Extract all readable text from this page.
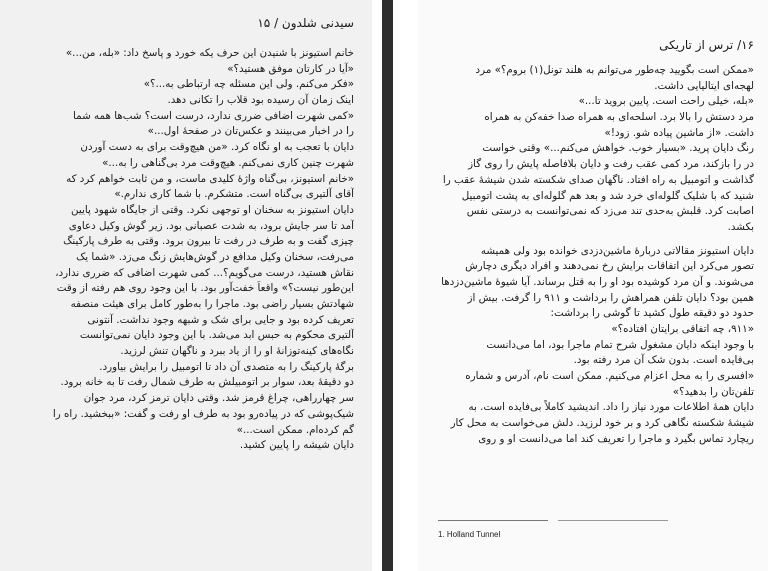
سیدنی شلدون / ۱۵
خانم استیونز با شنیدن این حرف یکه خورد و پاسخ داد: «بله، من...»
«آیا در کارتان موفق هستید؟»
«فکر می‌کنم. ولی این مسئله چه ارتباطی به...؟»
اینک زمان آن رسیده بود قلاب را تکانی دهد.
«کمی شهرت اضافی ضرری ندارد، درست است؟ شب‌ها همه شما
را در اخبار می‌بینند و عکس‌تان در صفحهٔ اول...»
دایان با تعجب به او نگاه کرد. «من هیچ‌وقت برای به دست آوردن
شهرت چنین کاری نمی‌کنم. هیچ‌وقت مرد بی‌گناهی را به...»
«خانم استیونز، بی‌گناه واژهٔ کلیدی ماست، و من ثابت خواهم کرد که
آقای آلتیری بی‌گناه است. متشکرم. با شما کاری ندارم.»
دایان استیونز به سخنان او توجهی نکرد. وقتی از جایگاه شهود پایین
آمد تا سر جایش برود، به شدت عصبانی بود. زیر گوش وکیل دعاوی
چیزی گفت و به طرف در رفت تا بیرون برود. وقتی به طرف پارکینگ
می‌رفت، سخنان وکیل مدافع در گوش‌هایش زنگ می‌زد. «شما یک
نقاش هستید، درست می‌گویم؟... کمی شهرت اضافی که ضرری ندارد،
این‌طور نیست؟» واقعاً خفت‌آور بود. با این وجود روی هم رفته از وقت
شهادتش بسیار راضی بود. ماجرا را به‌طور کامل برای هیئت منصفه
تعریف کرده بود و جایی برای شک و شبهه وجود نداشت. آنتونی
آلتیری محکوم به حبس ابد می‌شد. با این وجود دایان نمی‌توانست
نگاه‌های کینه‌توزانهٔ او را از یاد ببرد و ناگهان تنش لرزید.
برگهٔ پارکینگ را به متصدی آن داد تا اتومبیل را برایش بیاورد.
دو دقیقهٔ بعد، سوار بر اتومبیلش به طرف شمال رفت تا به خانه برود.
سر چهارراهی، چراغ قرمز شد. وقتی دایان ترمز کرد، مرد جوان
شیک‌پوشی که در پیاده‌رو بود به طرف او رفت و گفت: «ببخشید. راه را
گم کرده‌ام. ممکن است...»
دایان شیشه را پایین کشید.
۱۶/ ترس از تاریکی
«ممکن است بگویید چه‌طور می‌توانم به هلند تونل(۱) بروم؟» مرد
لهجه‌ای ایتالیایی داشت.
«بله، خیلی راحت است. پایین بروید تا...»
مرد دستش را بالا برد. اسلحه‌ای به همراه صدا خفه‌کن به همراه
داشت. «از ماشین پیاده شو. زود!»
رنگ دایان پرید. «بسیار خوب. خواهش می‌کنم...» وقتی خواست
در را بازکند، مرد کمی عقب رفت و دایان بلافاصله پایش را روی گاز
گذاشت و اتومبیل به راه افتاد. ناگهان صدای شکسته شدن شیشهٔ عقب را
شنید که با شلیک گلوله‌ای خرد شد و بعد هم گلوله‌ای به پشت اتومبیل
اصابت کرد. قلبش به‌حدی تند می‌زد که نمی‌توانست به درستی نفس
بکشد.
دایان استیونز مقالاتی دربارهٔ ماشین‌دزدی خوانده بود ولی همیشه
تصور می‌کرد این اتفاقات برایش رخ نمی‌دهند و افراد دیگری دچارش
می‌شوند. و آن مرد کوشیده بود او را به قتل برساند. آیا شیوهٔ ماشین‌دزدها
همین بود؟ دایان تلفن همراهش را برداشت و ۹۱۱ را گرفت. بیش از
حدود دو دقیقه طول کشید تا گوشی را برداشت:
«۹۱۱، چه اتفاقی برایتان افتاده؟»
با وجود اینکه دایان مشغول شرح تمام ماجرا بود، اما می‌دانست
بی‌فایده است. بدون شک آن مرد رفته بود.
«افسری را به محل اعزام می‌کنیم. ممکن است نام، آدرس و شماره
تلفن‌تان را بدهید؟»
دایان همهٔ اطلاعات مورد نیاز را داد. اندیشید کاملاً بی‌فایده است. به
شیشهٔ شکسته نگاهی کرد و بر خود لرزید. دلش می‌خواست به محل کار
ریچارد تماس بگیرد و ماجرا را تعریف کند اما می‌دانست او و روی
1. Holland Tunnel
